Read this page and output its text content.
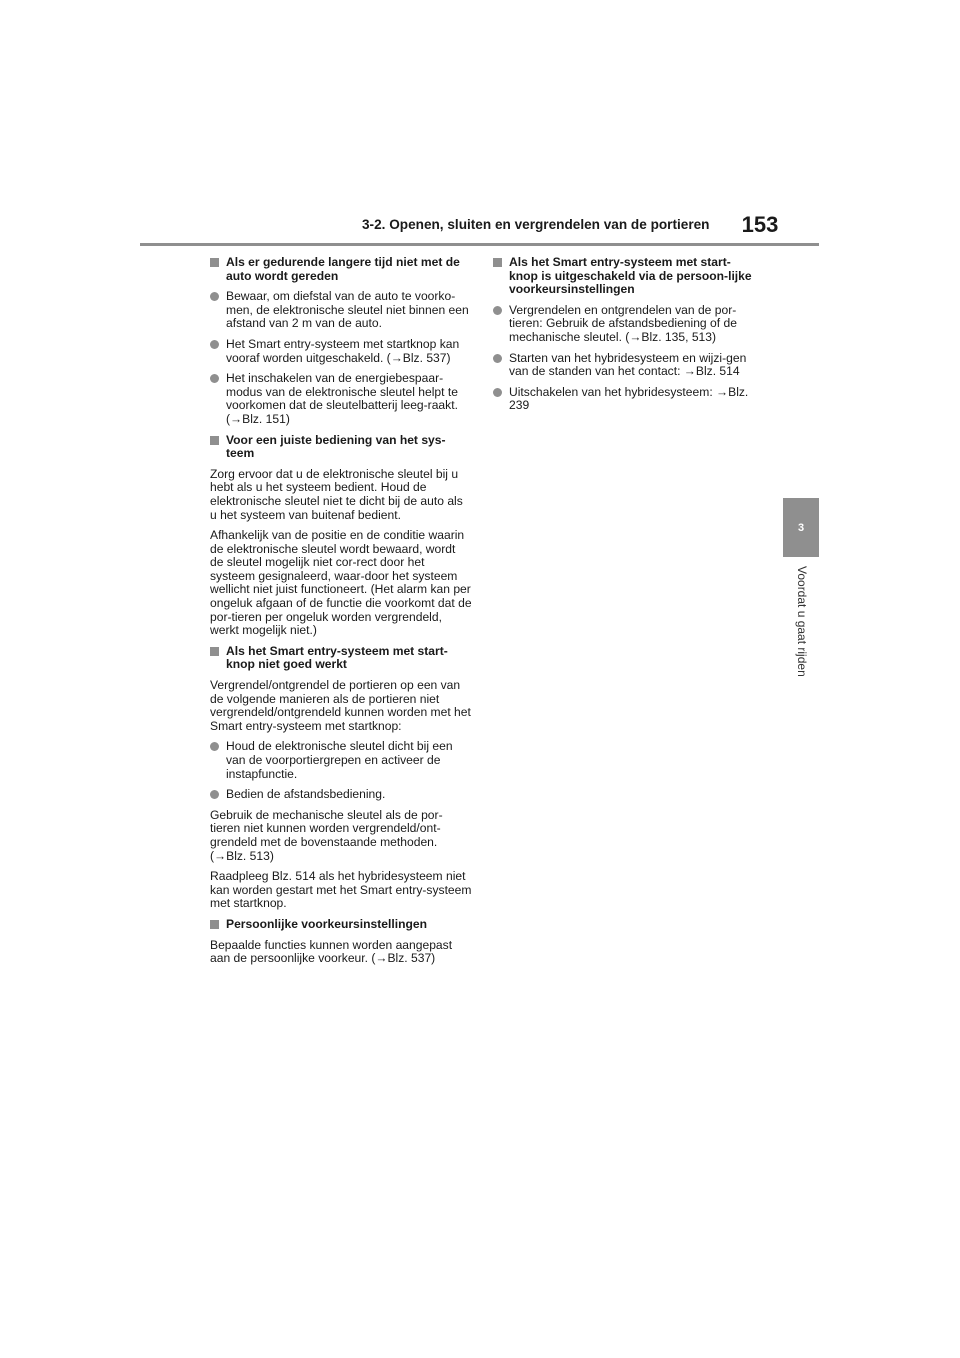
3-2. Openen, sluiten en vergrendelen van de portieren	153
3
Voordat u gaat rijden
Als er gedurende langere tijd niet met de auto wordt gereden
Bewaar, om diefstal van de auto te voorko-men, de elektronische sleutel niet binnen een afstand van 2 m van de auto.
Het Smart entry-systeem met startknop kan vooraf worden uitgeschakeld. (→Blz. 537)
Het inschakelen van de energiebespaar-modus van de elektronische sleutel helpt te voorkomen dat de sleutelbatterij leeg-raakt. (→Blz. 151)
Voor een juiste bediening van het sys-teem

Zorg ervoor dat u de elektronische sleutel bij u hebt als u het systeem bedient. Houd de elektronische sleutel niet te dicht bij de auto als u het systeem van buitenaf bedient.

Afhankelijk van de positie en de conditie waarin de elektronische sleutel wordt bewaard, wordt de sleutel mogelijk niet cor-rect door het systeem gesignaleerd, waar-door het systeem wellicht niet juist functioneert. (Het alarm kan per ongeluk afgaan of de functie die voorkomt dat de por-tieren per ongeluk worden vergrendeld, werkt mogelijk niet.)

Als het Smart entry-systeem met start-knop niet goed werkt

Vergrendel/ontgrendel de portieren op een van de volgende manieren als de portieren niet vergrendeld/ontgrendeld kunnen worden met het Smart entry-systeem met startknop:

Houd de elektronische sleutel dicht bij een van de voorportiergrepen en activeer de instapfunctie.
Bedien de afstandsbediening.

Gebruik de mechanische sleutel als de por-tieren niet kunnen worden vergrendeld/ont-grendeld met de bovenstaande methoden. (→Blz. 513)

Raadpleeg Blz. 514 als het hybridesysteem niet kan worden gestart met het Smart entry-systeem met startknop.

Persoonlijke voorkeursinstellingen

Bepaalde functies kunnen worden aangepast aan de persoonlijke voorkeur. (→Blz. 537)

Als het Smart entry-systeem met start-knop is uitgeschakeld via de persoon-lijke voorkeursinstellingen
Vergrendelen en ontgrendelen van de por-tieren: Gebruik de afstandsbediening of de mechanische sleutel. (→Blz. 135, 513)
Starten van het hybridesysteem en wijzi-gen van de standen van het contact: →Blz. 514
Uitschakelen van het hybridesysteem: →Blz. 239
